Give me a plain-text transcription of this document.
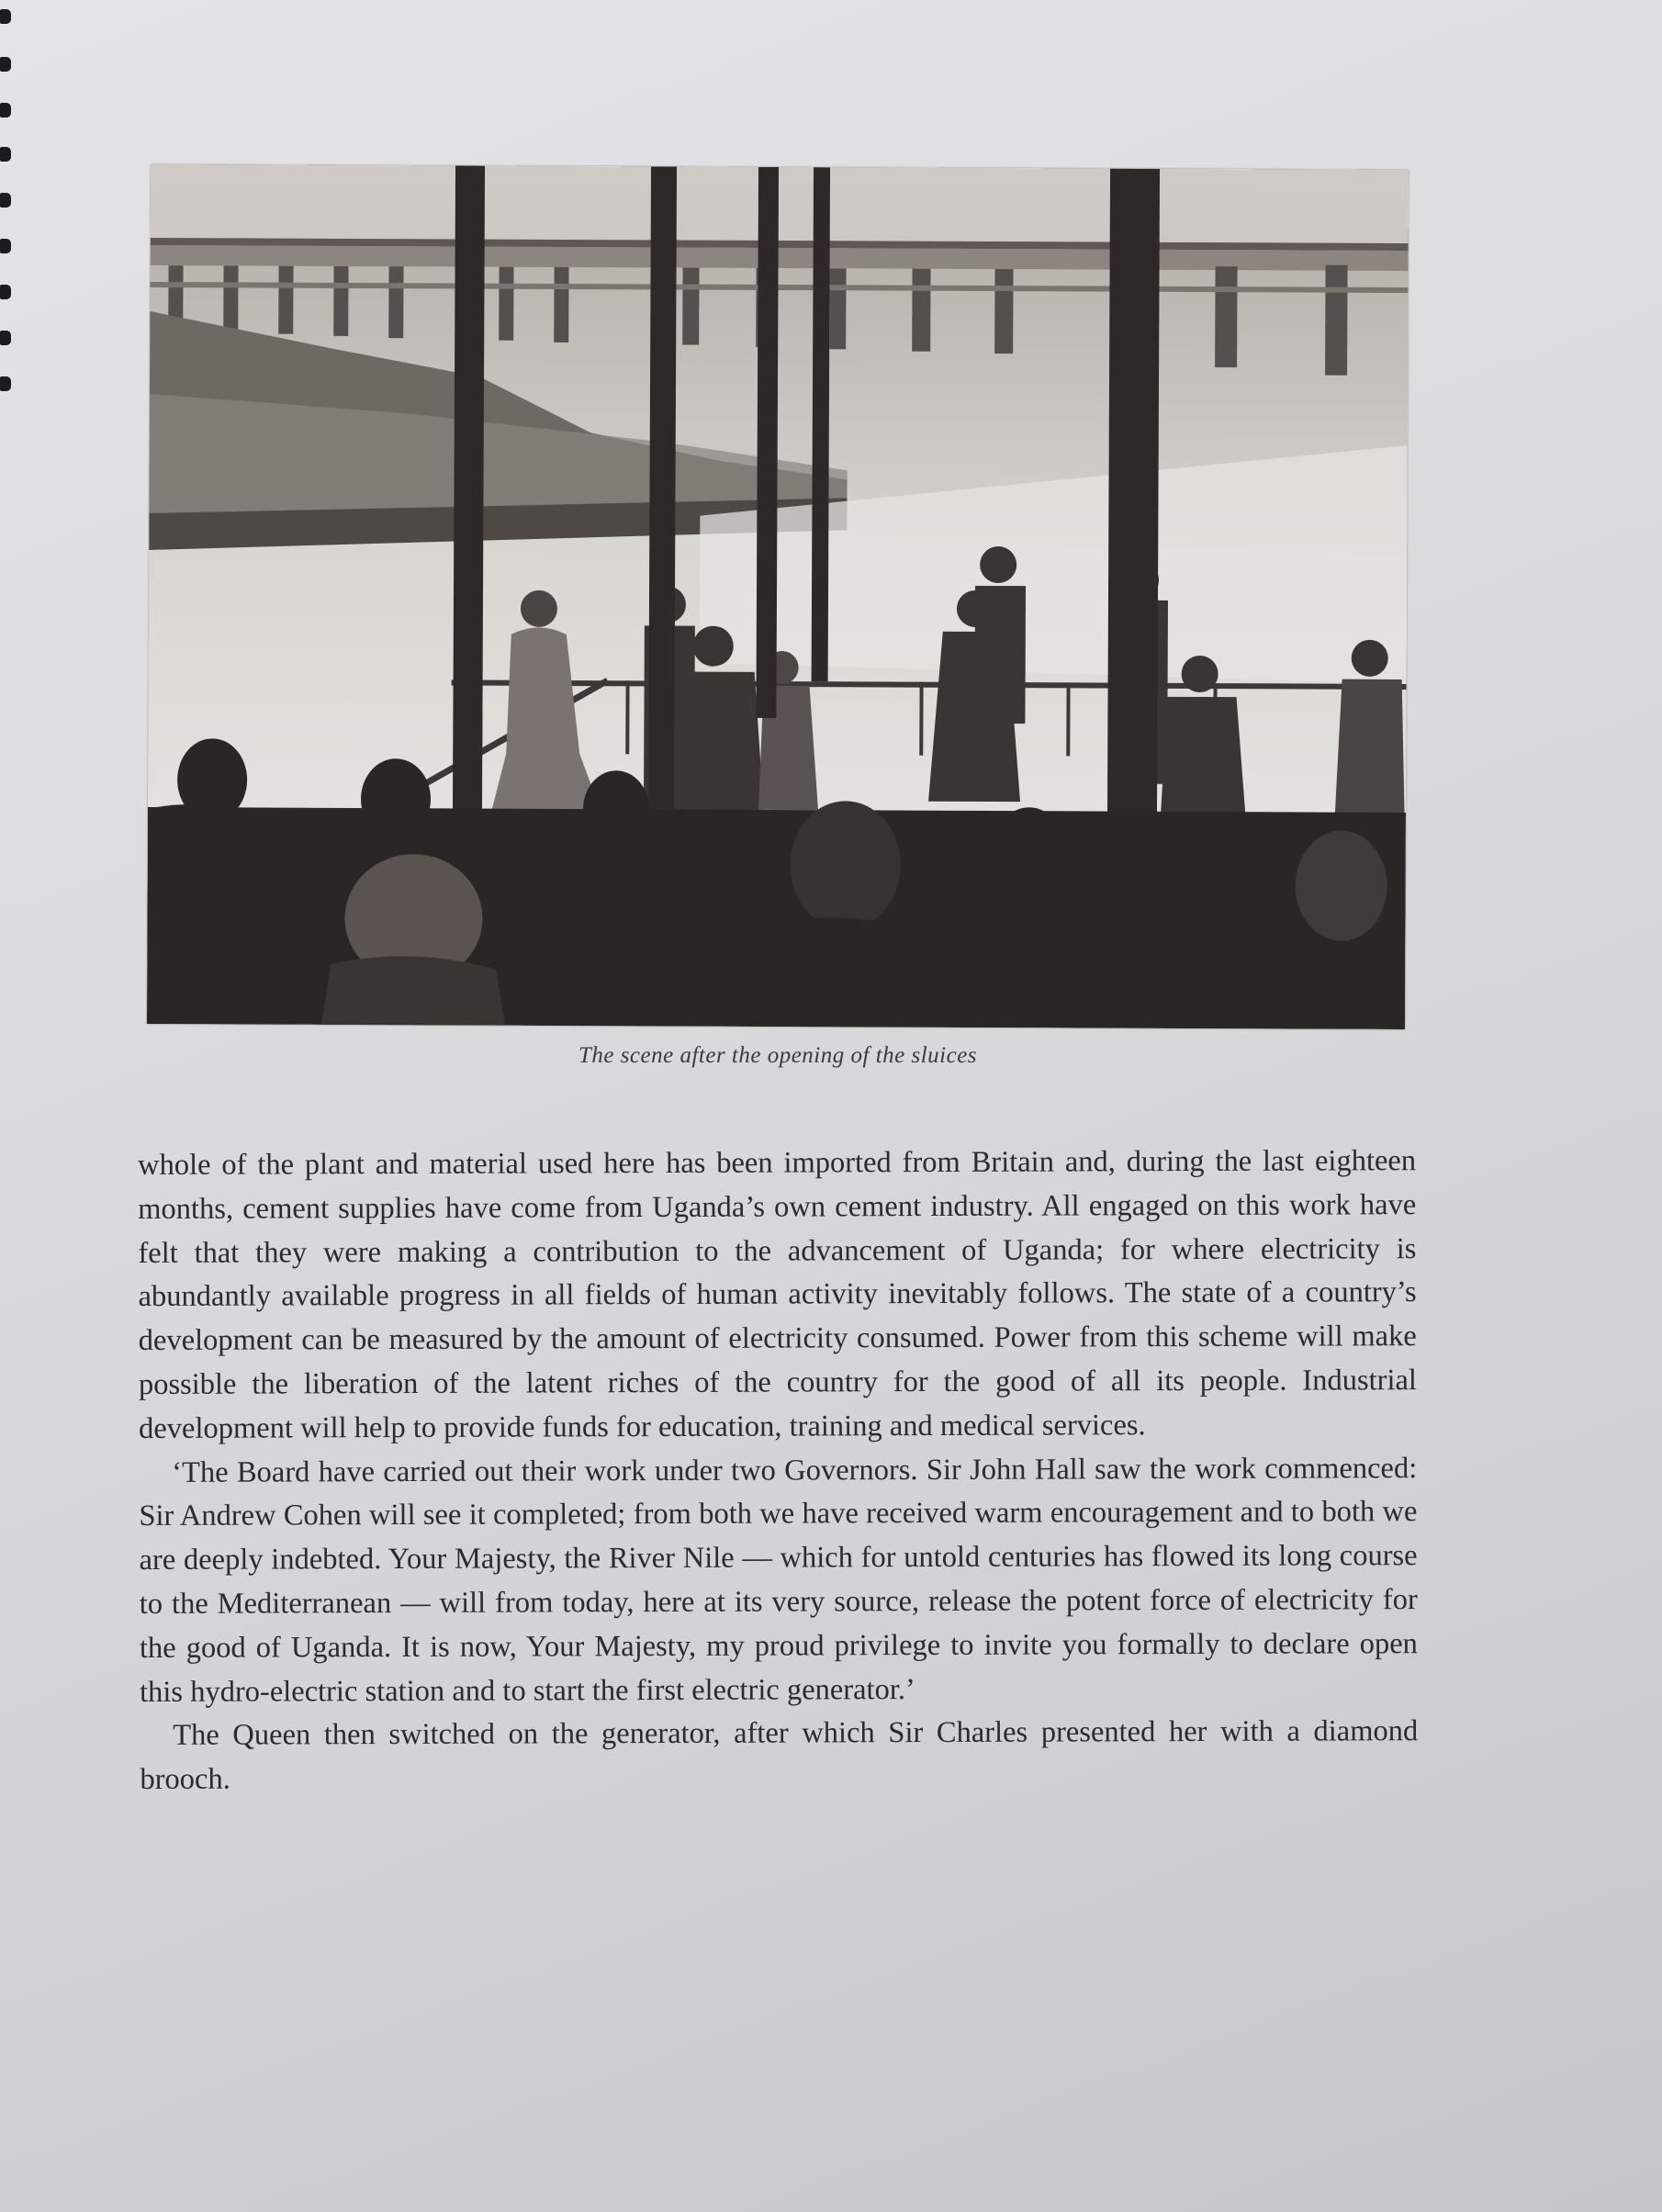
The scene after the opening of the sluices

whole of the plant and material used here has been imported from Britain and, during the last eighteen months, cement supplies have come from Uganda’s own cement industry. All engaged on this work have felt that they were making a contribution to the advancement of Uganda; for where electricity is abundantly available progress in all fields of human activity inevitably follows. The state of a country’s development can be measured by the amount of electricity consumed. Power from this scheme will make possible the liberation of the latent riches of the country for the good of all its people. Industrial development will help to provide funds for education, training and medical services.

‘The Board have carried out their work under two Governors. Sir John Hall saw the work commenced: Sir Andrew Cohen will see it completed; from both we have received warm encouragement and to both we are deeply indebted. Your Majesty, the River Nile — which for untold centuries has flowed its long course to the Mediterranean — will from today, here at its very source, release the potent force of electricity for the good of Uganda. It is now, Your Majesty, my proud privilege to invite you formally to declare open this hydro-electric station and to start the first electric generator.’

The Queen then switched on the generator, after which Sir Charles presented her with a diamond brooch.
